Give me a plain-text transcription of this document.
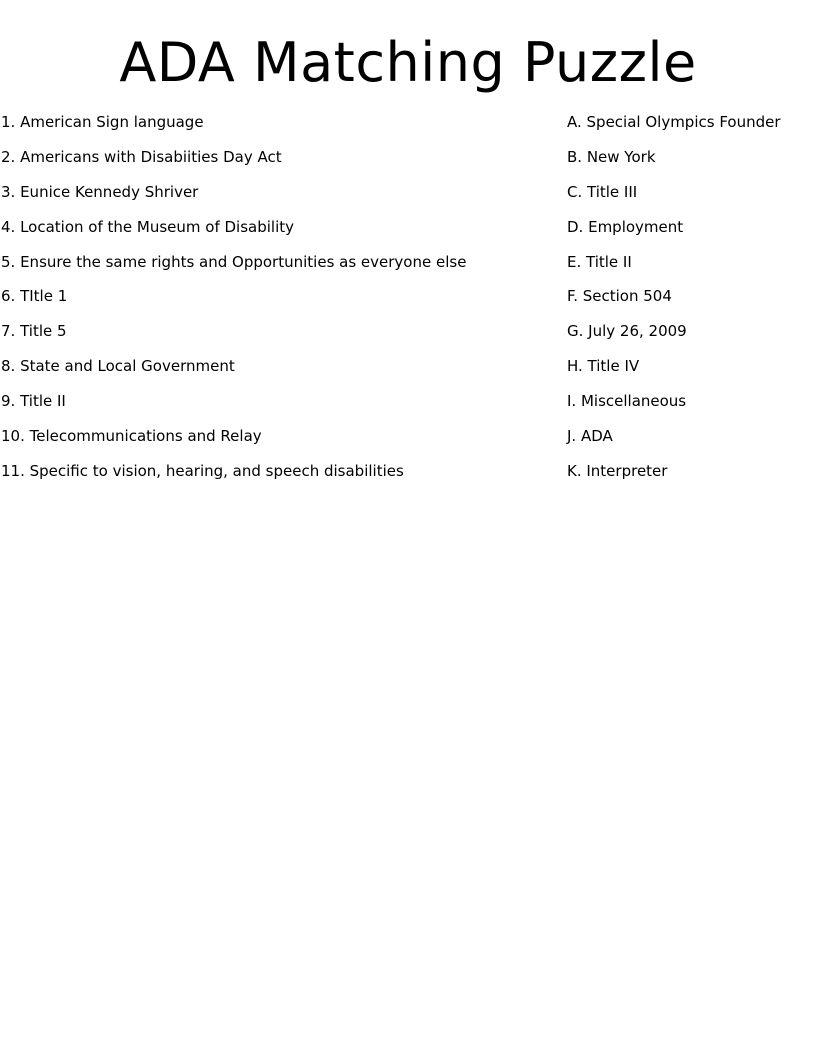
ADA Matching Puzzle
1. American Sign language
2. Americans with Disabiities Day Act
3. Eunice Kennedy Shriver
4. Location of the Museum of Disability
5. Ensure the same rights and Opportunities as everyone else
6. TItle 1
7. Title 5
8. State and Local Government
9. Title II
10. Telecommunications and Relay
11. Specific to vision, hearing, and speech disabilities
A. Special Olympics Founder
B. New York
C. Title III
D. Employment
E. Title II
F. Section 504
G. July 26, 2009
H. Title IV
I. Miscellaneous
J. ADA
K. Interpreter
